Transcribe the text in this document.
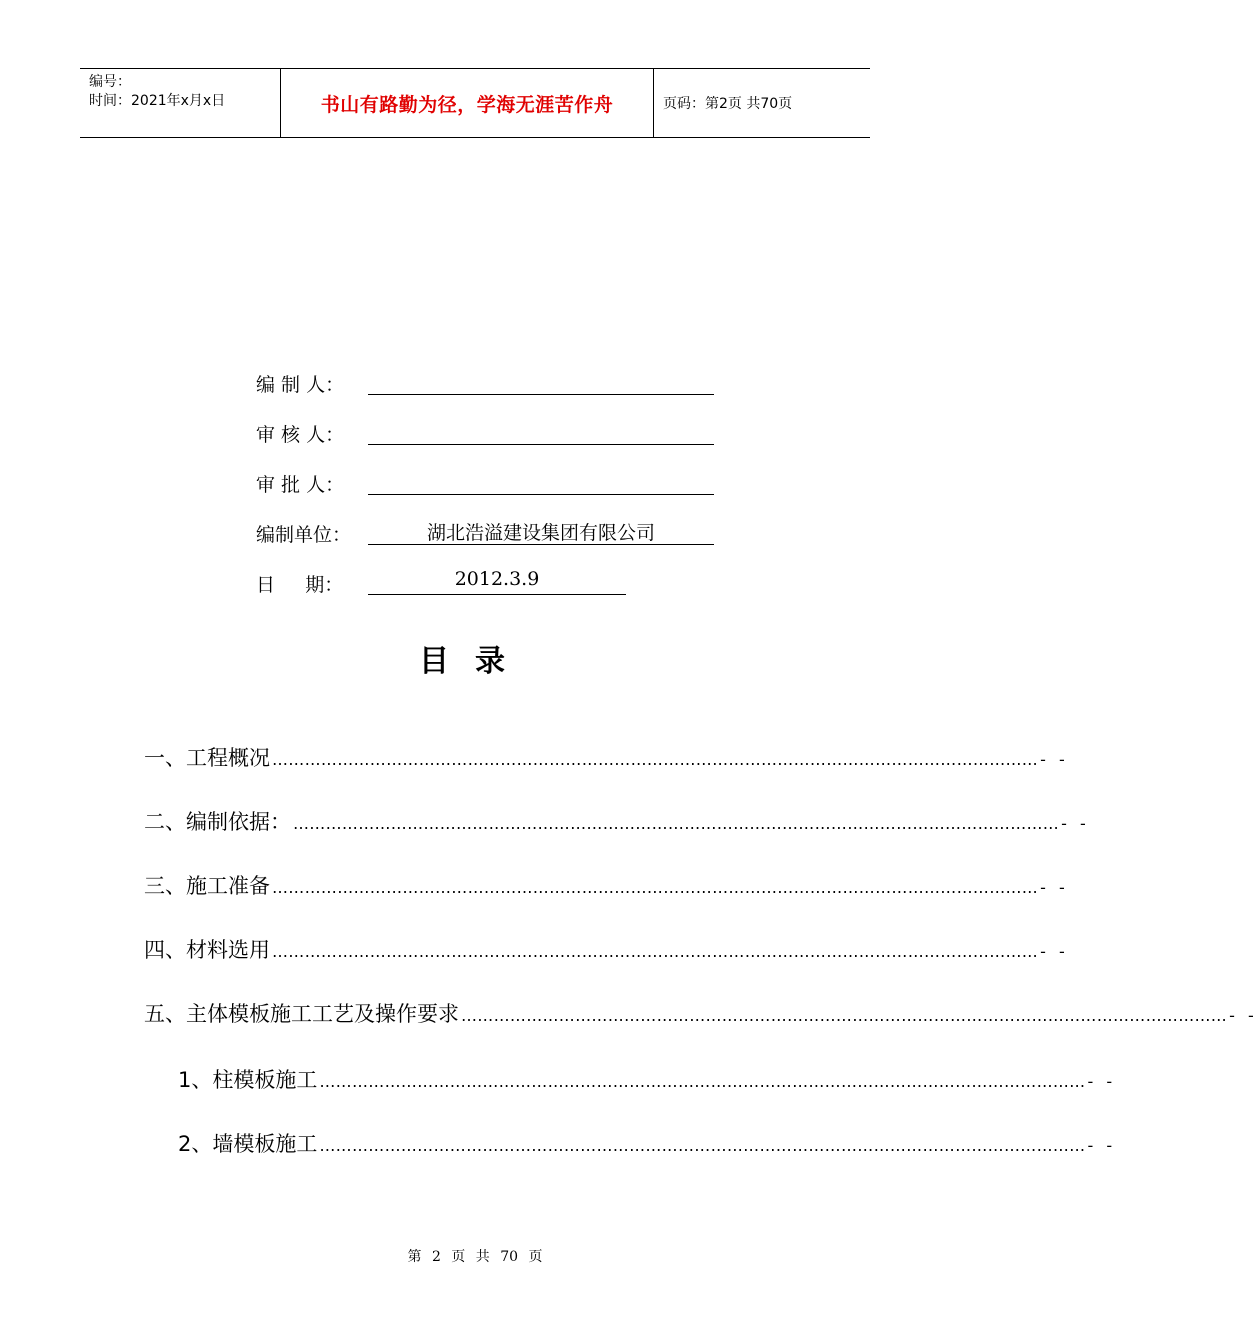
编号：
时间：2021年x月x日	书山有路勤为径，学海无涯苦作舟	页码：第2页 共70页
编 制 人：
审 核 人：
审 批 人：
编制单位：	湖北浩溢建设集团有限公司
日     期：	2012.3.9
目录
一、工程概况 …………………………………………………………………………………………………………………………… - -
二、编制依据： …………………………………………………………………………………………………………………………… - -
三、施工准备 …………………………………………………………………………………………………………………………… - -
四、材料选用 …………………………………………………………………………………………………………………………… - -
五、主体模板施工工艺及操作要求 …………………………………………………………………………………………………………………………… - -
1、柱模板施工 …………………………………………………………………………………………………………………………… - -
2、墙模板施工 …………………………………………………………………………………………………………………………… - -
第 2 页 共 70 页
